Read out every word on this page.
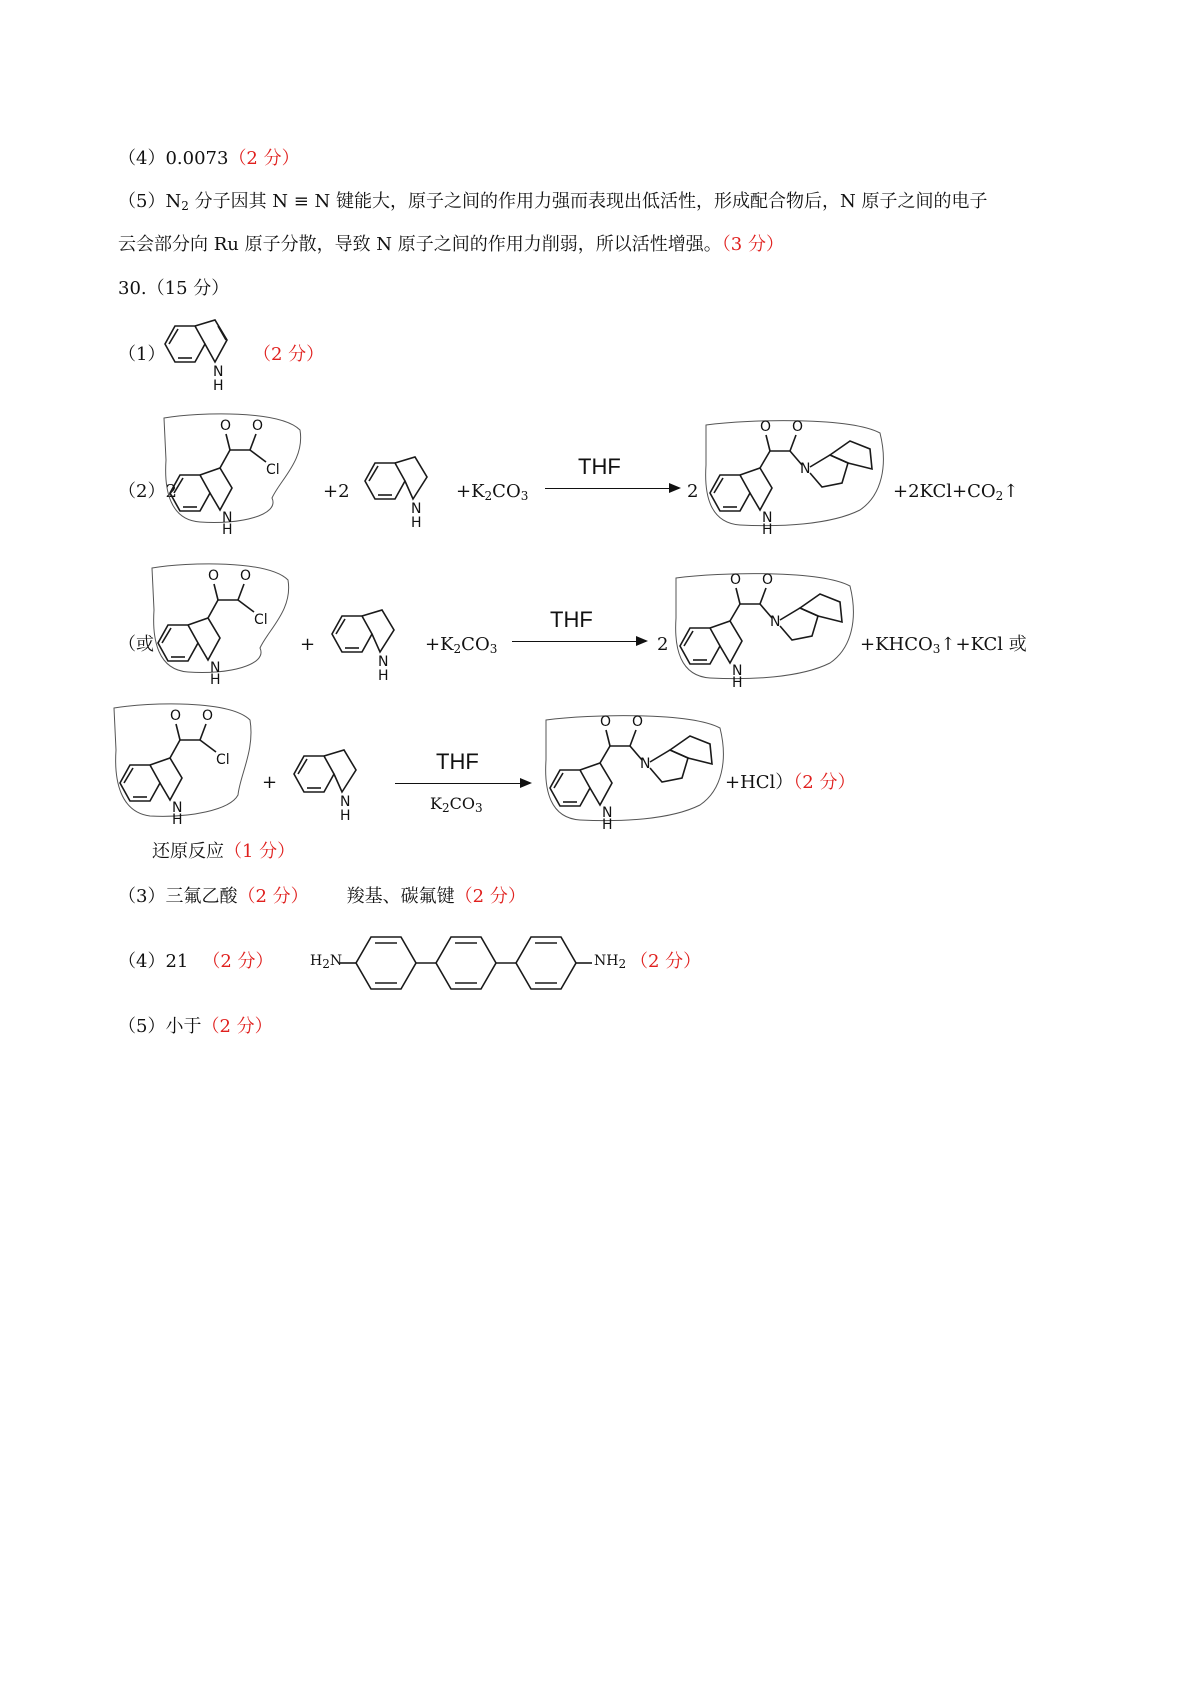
（4）0.0073（2 分）
$(5)N_2$ 分子因其 N ≡ N 键能大，原子之间的作用力强而表现出低活性，形成配合物后，N 原子之间的电子
云会部分向 Ru 原子分散，导致 N 原子之间的作用力削弱，所以活性增强。（3 分）
30.（15 分）
（1）
N
H
（2 分）
（2）2
O O
Cl
N
H
+2
N
H
$+K_2CO_3$
THF
2
O O
N
N
H
$+2KCl+CO_2↑$
（或
O O
Cl
N
H
+
N
H
$+K_2CO_3$
THF
2
O O
N
N
H
$+KHCO_3↑+KCl$ 或
O O
Cl
N
H
+
N
H
THF
$K_2CO_3$
O O
N
N
H
+HCl）（2 分）
还原反应（1 分）
（3）三氟乙酸（2 分） 羧基、碳氟键（2 分）
（4）21 （2 分）	$H_2N$	$NH_2$ （2 分）
（5）小于（2 分）
